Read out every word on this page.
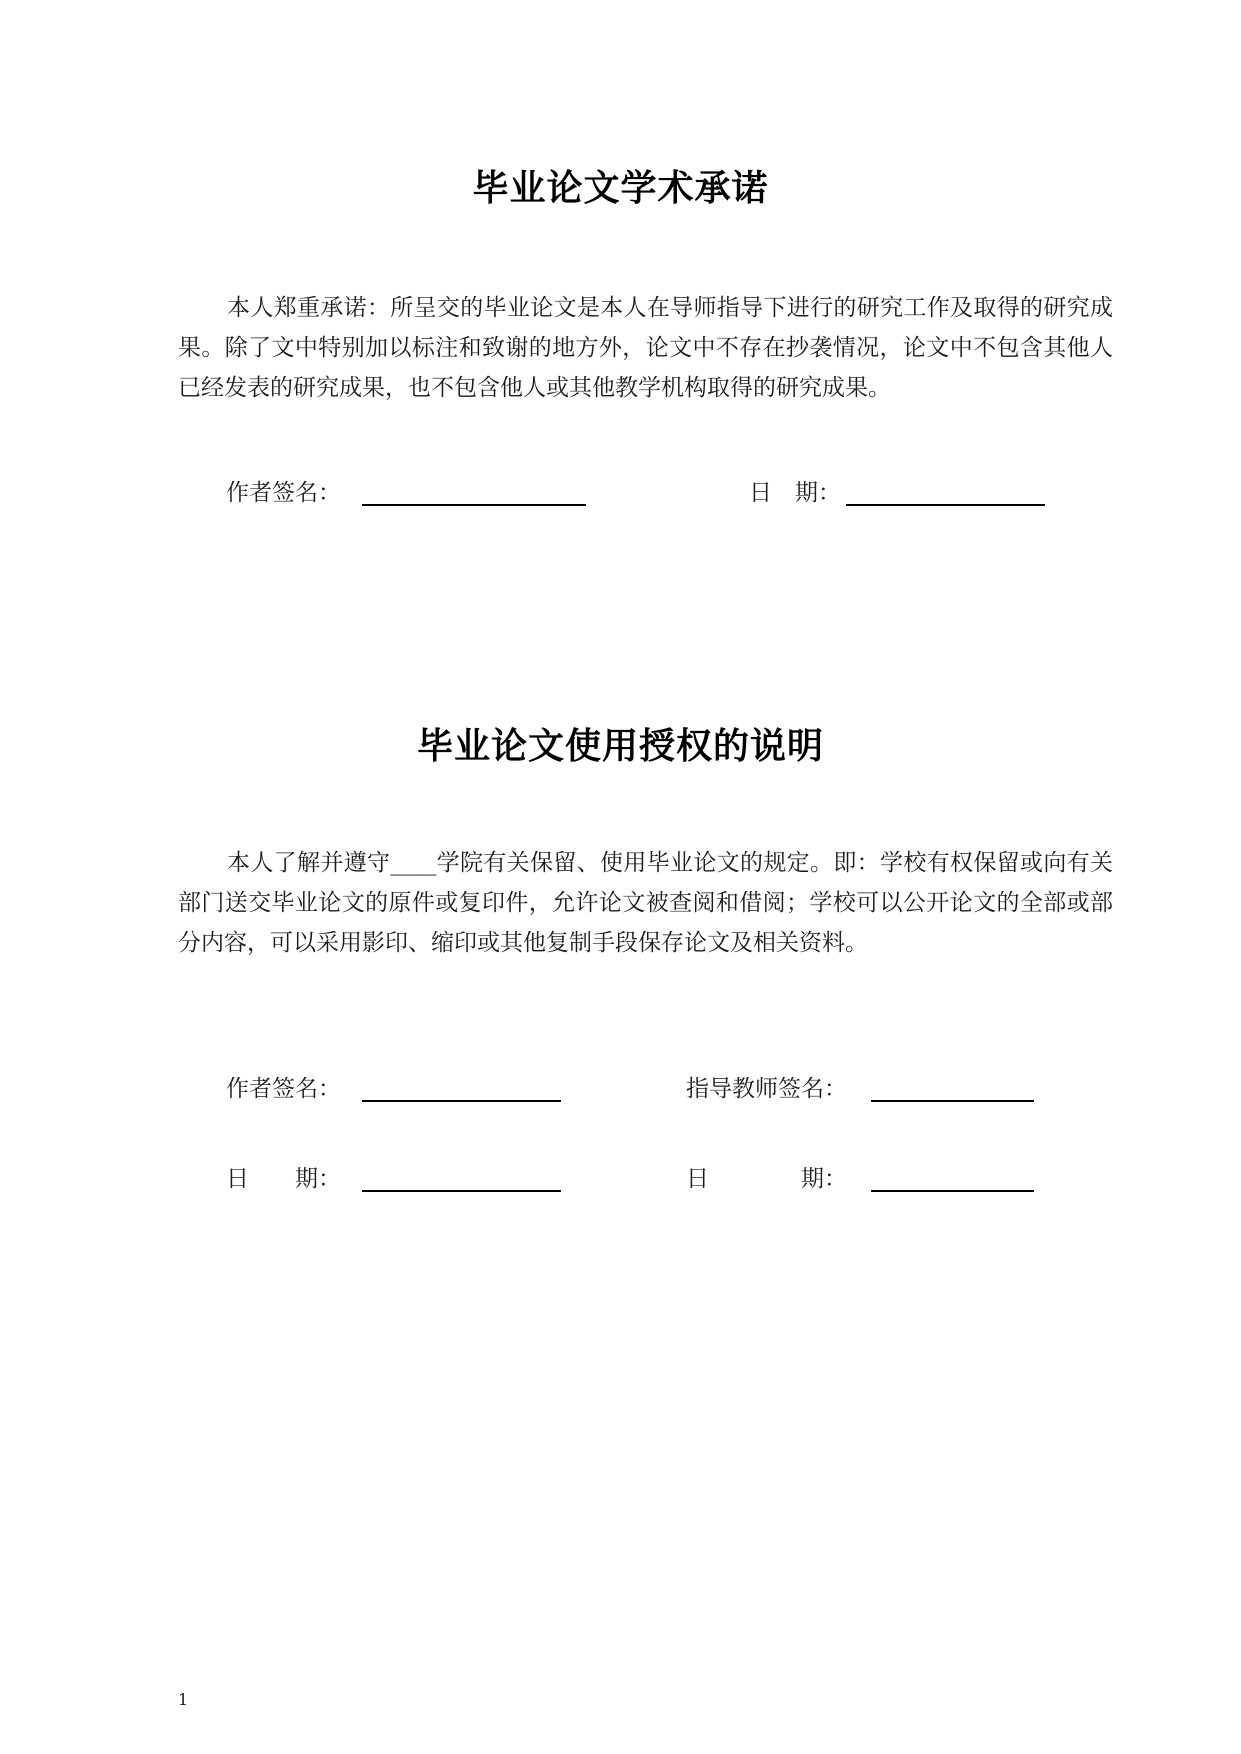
毕业论文学术承诺
本人郑重承诺：所呈交的毕业论文是本人在导师指导下进行的研究工作及取得的研究成果。除了文中特别加以标注和致谢的地方外，论文中不存在抄袭情况，论文中不包含其他人已经发表的研究成果，也不包含他人或其他教学机构取得的研究成果。
作者签名：	日　期：
毕业论文使用授权的说明
本人了解并遵守____学院有关保留、使用毕业论文的规定。即：学校有权保留或向有关部门送交毕业论文的原件或复印件，允许论文被查阅和借阅；学校可以公开论文的全部或部分内容，可以采用影印、缩印或其他复制手段保存论文及相关资料。
作者签名：	指导教师签名：
日　　期：	日　　　　期：
1
